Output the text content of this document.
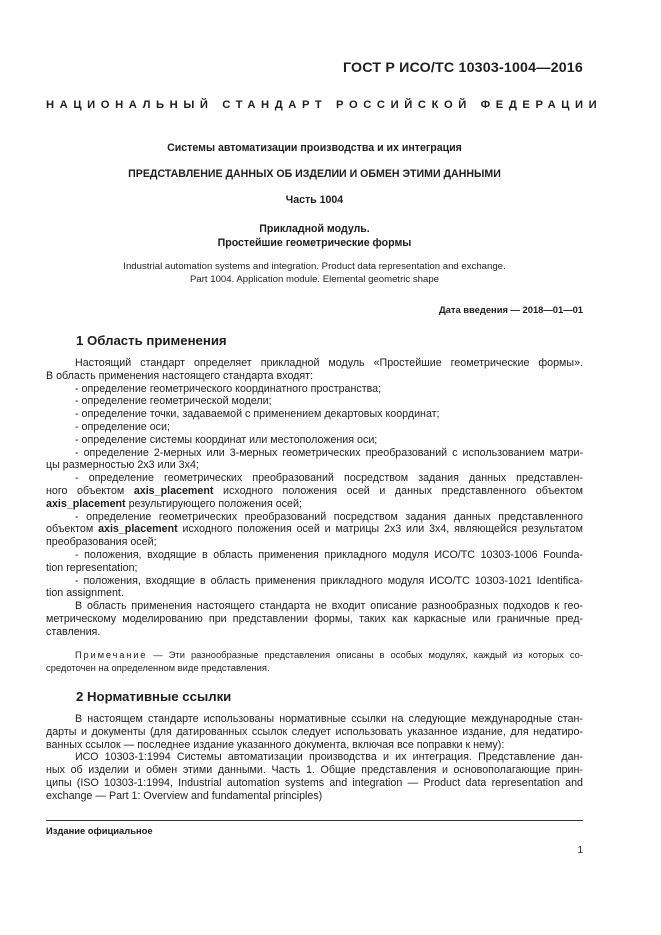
ГОСТ Р ИСО/ТС 10303-1004—2016
НАЦИОНАЛЬНЫЙ СТАНДАРТ РОССИЙСКОЙ ФЕДЕРАЦИИ
Системы автоматизации производства и их интеграция
ПРЕДСТАВЛЕНИЕ ДАННЫХ ОБ ИЗДЕЛИИ И ОБМЕН ЭТИМИ ДАННЫМИ
Часть 1004
Прикладной модуль.
Простейшие геометрические формы
Industrial automation systems and integration. Product data representation and exchange.
Part 1004. Application module. Elemental geometric shape
Дата введения — 2018—01—01
1 Область применения
Настоящий стандарт определяет прикладной модуль «Простейшие геометрические формы».
В область применения настоящего стандарта входят:
- определение геометрического координатного пространства;
- определение геометрической модели;
- определение точки, задаваемой с применением декартовых координат;
- определение оси;
- определение системы координат или местоположения оси;
- определение 2-мерных или 3-мерных геометрических преобразований с использованием матри-
цы размерностью 2х3 или 3х4;
- определение геометрических преобразований посредством задания данных представлен-
ного объектом axis_placement исходного положения осей и данных представленного объектом
axis_placement результирующего положения осей;
- определение геометрических преобразований посредством задания данных представленного
объектом axis_placement исходного положения осей и матрицы 2х3 или 3х4, являющейся результатом
преобразования осей;
- положения, входящие в область применения прикладного модуля ИСО/ТС 10303-1006 Founda-
tion representation;
- положения, входящие в область применения прикладного модуля ИСО/ТС 10303-1021 Identifica-
tion assignment.
В область применения настоящего стандарта не входит описание разнообразных подходов к гео-
метрическому моделированию при представлении формы, таких как каркасные или граничные пред-
ставления.
Примечание — Эти разнообразные представления описаны в особых модулях, каждый из которых со-
средоточен на определенном виде представления.
2 Нормативные ссылки
В настоящем стандарте использованы нормативные ссылки на следующие международные стан-
дарты и документы (для датированных ссылок следует использовать указанное издание, для недатиро-
ванных ссылок — последнее издание указанного документа, включая все поправки к нему):
ИСО 10303-1:1994 Системы автоматизации производства и их интеграция. Представление дан-
ных об изделии и обмен этими данными. Часть 1. Общие представления и основополагающие прин-
ципы (ISO 10303-1:1994, Industrial automation systems and integration — Product data representation and
exchange — Part 1: Overview and fundamental principles)
Издание официальное
1
